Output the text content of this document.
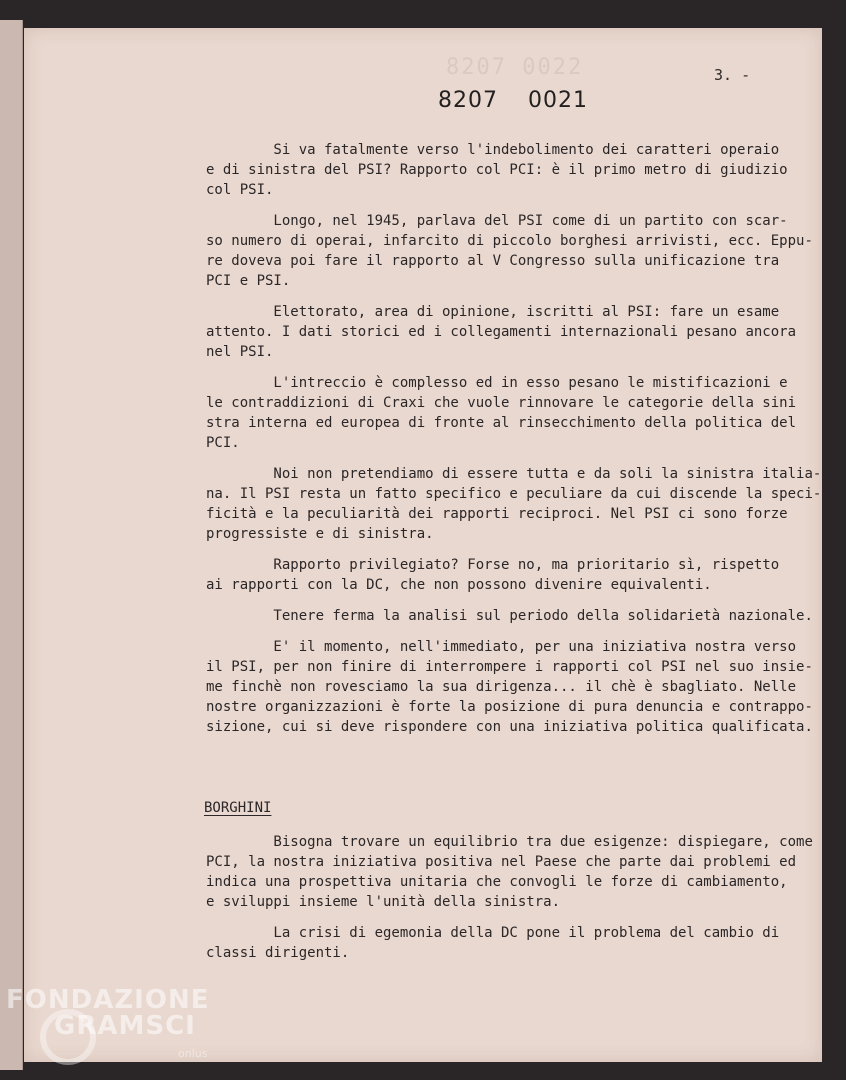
8207 0022	3. -
8207 0021

Si va fatalmente verso l'indebolimento dei caratteri operaio
e di sinistra del PSI? Rapporto col PCI: è il primo metro di giudizio
col PSI.

Longo, nel 1945, parlava del PSI come di un partito con scar-
so numero di operai, infarcito di piccolo borghesi arrivisti, ecc.
re doveva poi fare il rapporto al V Congresso sulla unificazione tra
PCI e PSI.

Elettorato, area di opinione, iscritti al PSI: fare un esame
attento. I dati storici ed i collegamenti internazionali pesano ancora
nel PSI.

L'intreccio è complesso ed in esso pesano le mistificazioni e
le contraddizioni di Craxi che vuole rinnovare le categorie della sini
stra interna ed europea di fronte al rinsecchimento della politica del
PCI.

Noi non pretendiamo di essere tutta e da soli la sinistra
na. Il PSI resta un fatto specifico e peculiare da cui discende la
ficità e la peculiarità dei rapporti reciproci. Nel PSI ci sono forze
progressiste e di sinistra.

Rapporto privilegiato? Forse no, ma prioritario sì, rispetto
ai rapporti con la DC, che non possono divenire equivalenti.

Tenere ferma la analisi sul periodo della solidarietà nazionale.

E' il momento, nell'immediato, per una iniziativa nostra verso
il PSI, per non finire di interrompere i rapporti col PSI nel suo
me finchè non rovesciamo la sua dirigenza... il chè è sbagliato. Nelle
nostre organizzazioni è forte la posizione di pura denuncia e contrappo-
sizione, cui si deve rispondere con una iniziativa politica qualificata.

BORGHINI

Bisogna trovare un equilibrio tra due esigenze: dispiegare,
PCI, la nostra iniziativa positiva nel Paese che parte dai problemi
indica una prospettiva unitaria che convogli le forze di cambiamento,
e sviluppi insieme l'unità della sinistra.

La crisi di egemonia della DC pone il problema del cambio di
classi dirigenti.

FONDAZIONE
GRAMSCI
onlus
